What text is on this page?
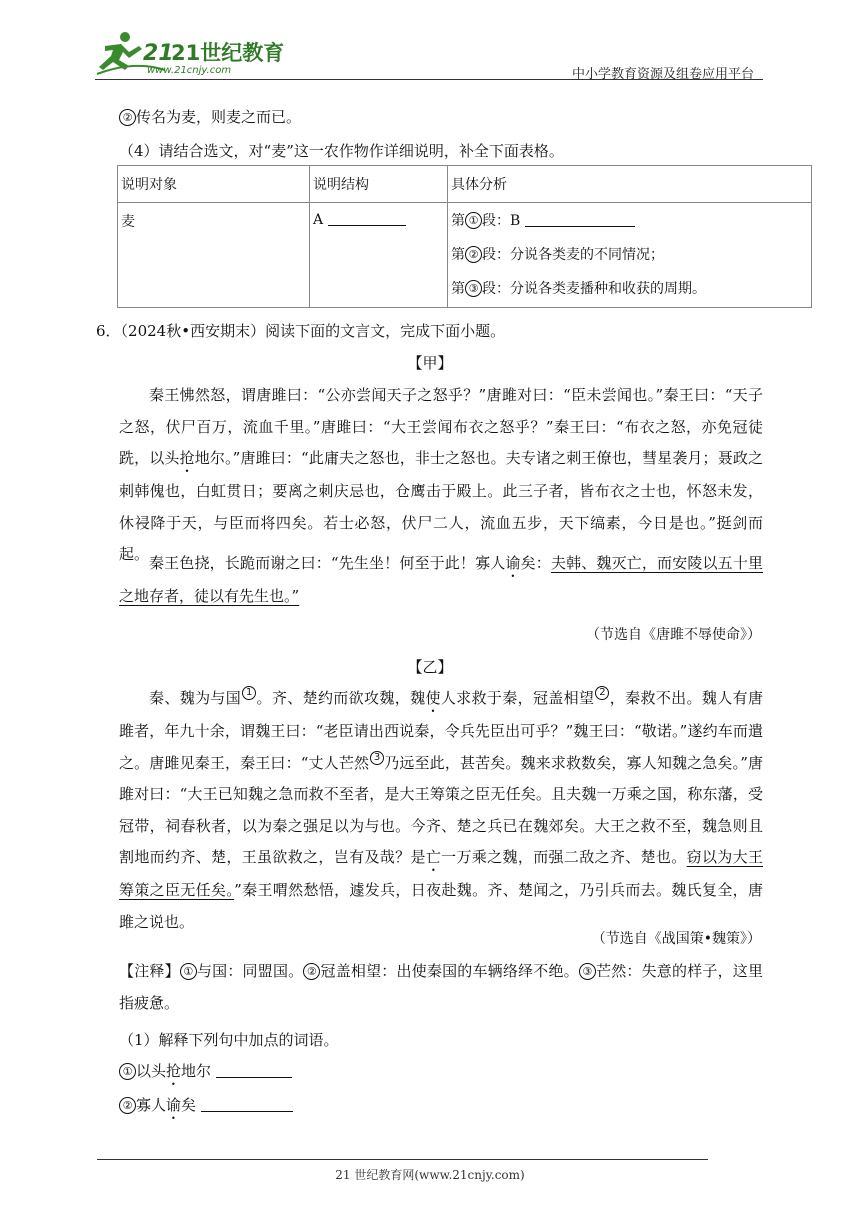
21
21世纪教育
www.21cnjy.com	中小学教育资源及组卷应用平台
② 传名为麦，则麦之而已。
（4）请结合选文，对“麦”这一农作物作详细说明，补全下面表格。
说明对象	说明结构	具体分析
麦	A	第 ① 段：B
第 ② 段：分说各类麦的不同情况；
第 ③ 段：分说各类麦播种和收获的周期。
6．（2024秋•西安期末）阅读下面的文言文，完成下面小题。
【甲】
秦王怫然怒，谓唐雎曰：“公亦尝闻天子之怒乎？”唐雎对曰：“臣未尝闻也。”秦王曰：“天子之怒，伏尸百万，流血千里。”唐雎曰：“大王尝闻布衣之怒乎？”秦王曰：“布衣之怒，亦免冠徒跣，以头抢地尔。”唐雎曰：“此庸夫之怒也，非士之怒也。夫专诸之刺王僚也，彗星袭月；聂政之刺韩傀也，白虹贯日；要离之刺庆忌也，仓鹰击于殿上。此三子者，皆布衣之士也，怀怒未发，休祲降于天，与臣而将四矣。若士必怒，伏尸二人，流血五步，天下缟素，今日是也。”挺剑而起。 秦王色挠，长跪而谢之曰：“先生坐！何至于此！寡人谕矣：夫韩、魏灭亡，而安陵以五十里之地存者，徒以有先生也。”
（节选自《唐雎不辱使命》）
【乙】
秦、魏为与国 1 。齐、楚约而欲攻魏，魏使人求救于秦，冠盖相望 2 ，秦救不出。魏人有唐雎者，年九十余，谓魏王曰：“老臣请出西说秦，令兵先臣出可乎？”魏王曰：“敬诺。”遂约车而遣之。唐雎见秦王，秦王曰：“丈人芒然 3 乃远至此，甚苦矣。魏来求救数矣，寡人知魏之急矣。”唐雎对曰：“大王已知魏之急而救不至者，是大王筹策之臣无任矣。且夫魏一万乘之国，称东藩，受冠带，祠春秋者，以为秦之强足以为与也。今齐、楚之兵已在魏郊矣。大王之救不至，魏急则且割地而约齐、楚，王虽欲救之，岂有及哉？是亡一万乘之魏，而强二敌之齐、楚也。窃以为大王筹策之臣无任矣。”秦王喟然愁悟，遽发兵，日夜赴魏。齐、楚闻之，乃引兵而去。魏氏复全，唐雎之说也。
（节选自《战国策•魏策》）
【注释】 ① 与国：同盟国。 ② 冠盖相望：出使秦国的车辆络绎不绝。 ③ 芒然：失意的样子，这里指疲惫。
（1）解释下列句中加点的词语。
① 以头抢地尔
② 寡人谕矣
21 世纪教育网(www.21cnjy.com)
